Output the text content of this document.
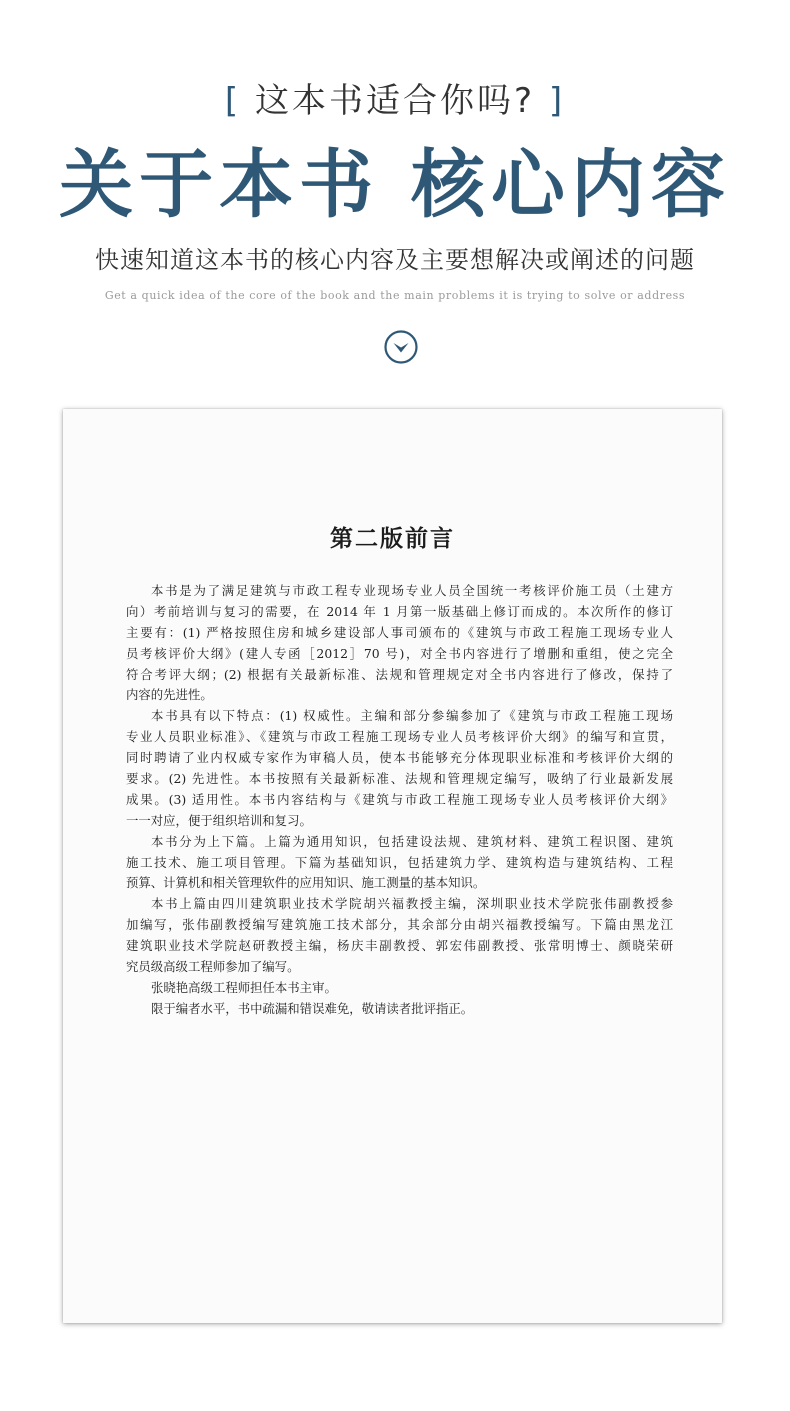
[ 这本书适合你吗? ]
关于本书 核心内容
快速知道这本书的核心内容及主要想解决或阐述的问题
Get a quick idea of the core of the book and the main problems it is trying to solve or address
第二版前言
本书是为了满足建筑与市政工程专业现场专业人员全国统一考核评价施工员（土建方
向）考前培训与复习的需要，在 2014 年 1 月第一版基础上修订而成的。本次所作的修订
主要有：(1) 严格按照住房和城乡建设部人事司颁布的《建筑与市政工程施工现场专业人
员考核评价大纲》(建人专函［2012］70 号)，对全书内容进行了增删和重组，使之完全
符合考评大纲；(2) 根据有关最新标准、法规和管理规定对全书内容进行了修改，保持了
内容的先进性。
本书具有以下特点：(1) 权威性。主编和部分参编参加了《建筑与市政工程施工现场
专业人员职业标准》、《建筑与市政工程施工现场专业人员考核评价大纲》的编写和宣贯，
同时聘请了业内权威专家作为审稿人员，使本书能够充分体现职业标准和考核评价大纲的
要求。(2) 先进性。本书按照有关最新标准、法规和管理规定编写，吸纳了行业最新发展
成果。(3) 适用性。本书内容结构与《建筑与市政工程施工现场专业人员考核评价大纲》
一一对应，便于组织培训和复习。
本书分为上下篇。上篇为通用知识，包括建设法规、建筑材料、建筑工程识图、建筑
施工技术、施工项目管理。下篇为基础知识，包括建筑力学、建筑构造与建筑结构、工程
预算、计算机和相关管理软件的应用知识、施工测量的基本知识。
本书上篇由四川建筑职业技术学院胡兴福教授主编，深圳职业技术学院张伟副教授参
加编写，张伟副教授编写建筑施工技术部分，其余部分由胡兴福教授编写。下篇由黑龙江
建筑职业技术学院赵研教授主编，杨庆丰副教授、郭宏伟副教授、张常明博士、颜晓荣研
究员级高级工程师参加了编写。
张晓艳高级工程师担任本书主审。
限于编者水平，书中疏漏和错误难免，敬请读者批评指正。
